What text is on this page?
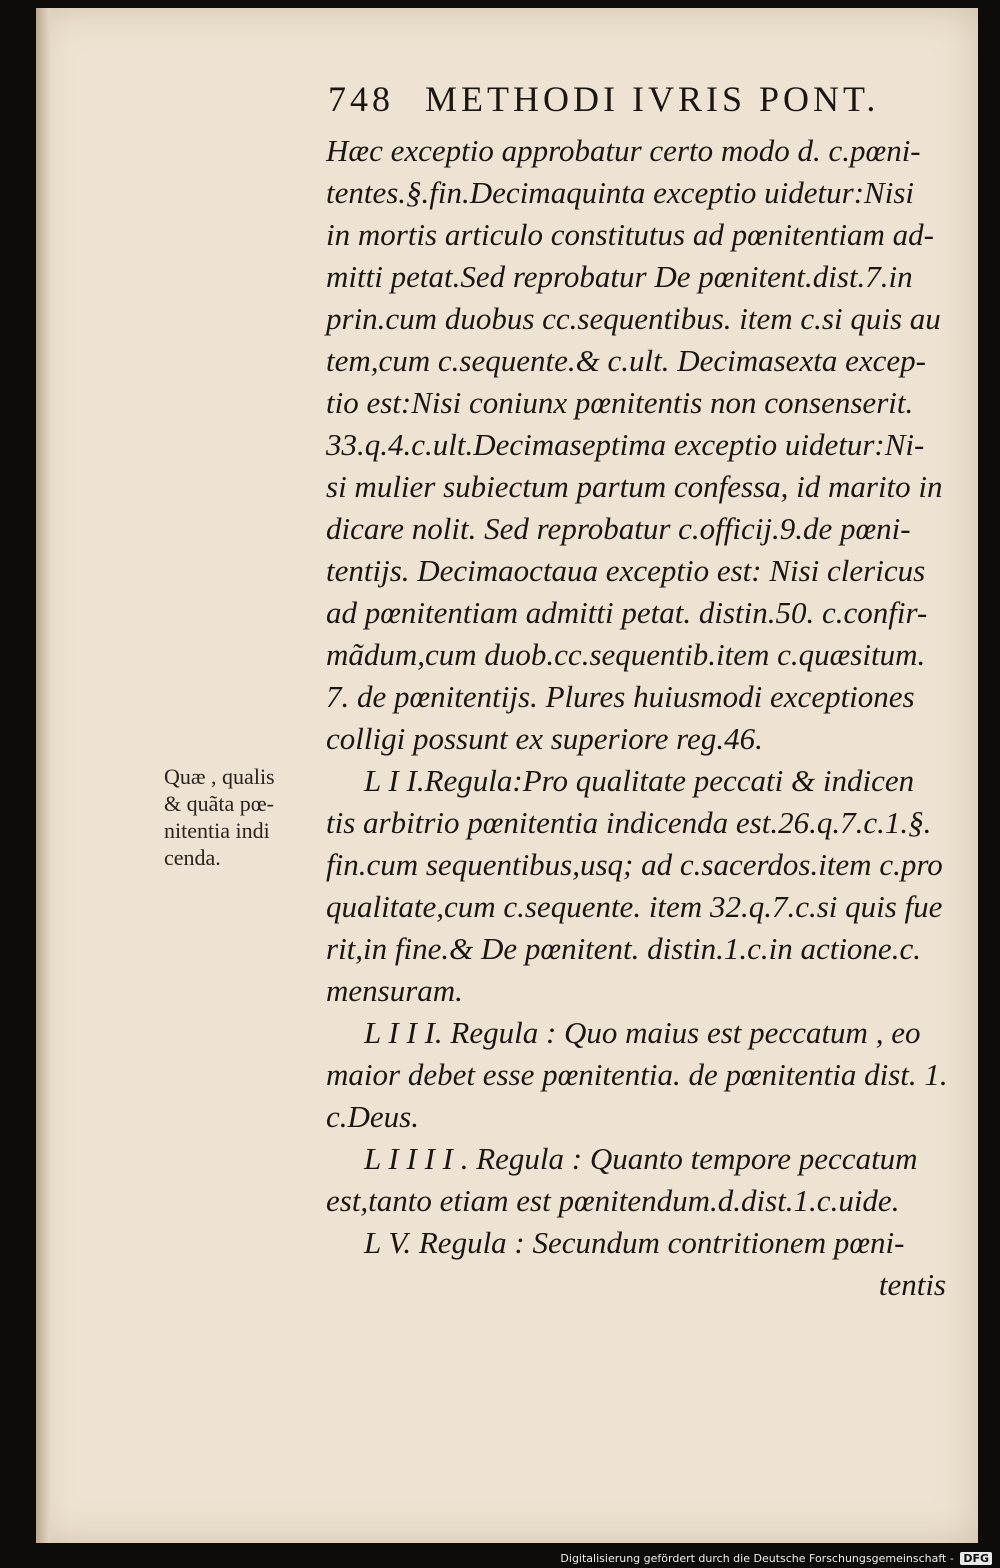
748 METHODI IVRIS PONT.
Quæ , qualis
& quãta pœ-
nitentia indi
cenda.
Hæc exceptio approbatur certo modo d. c.pœni-
tentes.§.fin.Decimaquinta exceptio uidetur:Nisi
in mortis articulo constitutus ad pœnitentiam ad-
mitti petat.Sed reprobatur De pœnitent.dist.7.in
prin.cum duobus cc.sequentibus. item c.si quis au
tem,cum c.sequente.& c.ult. Decimasexta excep-
tio est:Nisi coniunx pœnitentis non consenserit.
33.q.4.c.ult.Decimaseptima exceptio uidetur:Ni-
si mulier subiectum partum confessa, id marito in
dicare nolit. Sed reprobatur c.officij.9.de pœni-
tentijs. Decimaoctaua exceptio est: Nisi clericus
ad pœnitentiam admitti petat. distin.50. c.confir-
mãdum,cum duob.cc.sequentib.item c.quæsitum.
7. de pœnitentijs. Plures huiusmodi exceptiones
colligi possunt ex superiore reg.46.
L I I.Regula:Pro qualitate peccati & indicen
tis arbitrio pœnitentia indicenda est.26.q.7.c.1.§.
fin.cum sequentibus,usq; ad c.sacerdos.item c.pro
qualitate,cum c.sequente. item 32.q.7.c.si quis fue
rit,in fine.& De pœnitent. distin.1.c.in actione.c.
mensuram.
L I I I. Regula : Quo maius est peccatum , eo
maior debet esse pœnitentia. de pœnitentia dist. 1.
c.Deus.
L I I I I . Regula : Quanto tempore peccatum
est,tanto etiam est pœnitendum.d.dist.1.c.uide.
L V. Regula : Secundum contritionem pœni-
tentis
Digitalisierung gefördert durch die Deutsche Forschungsgemeinschaft - DFG
